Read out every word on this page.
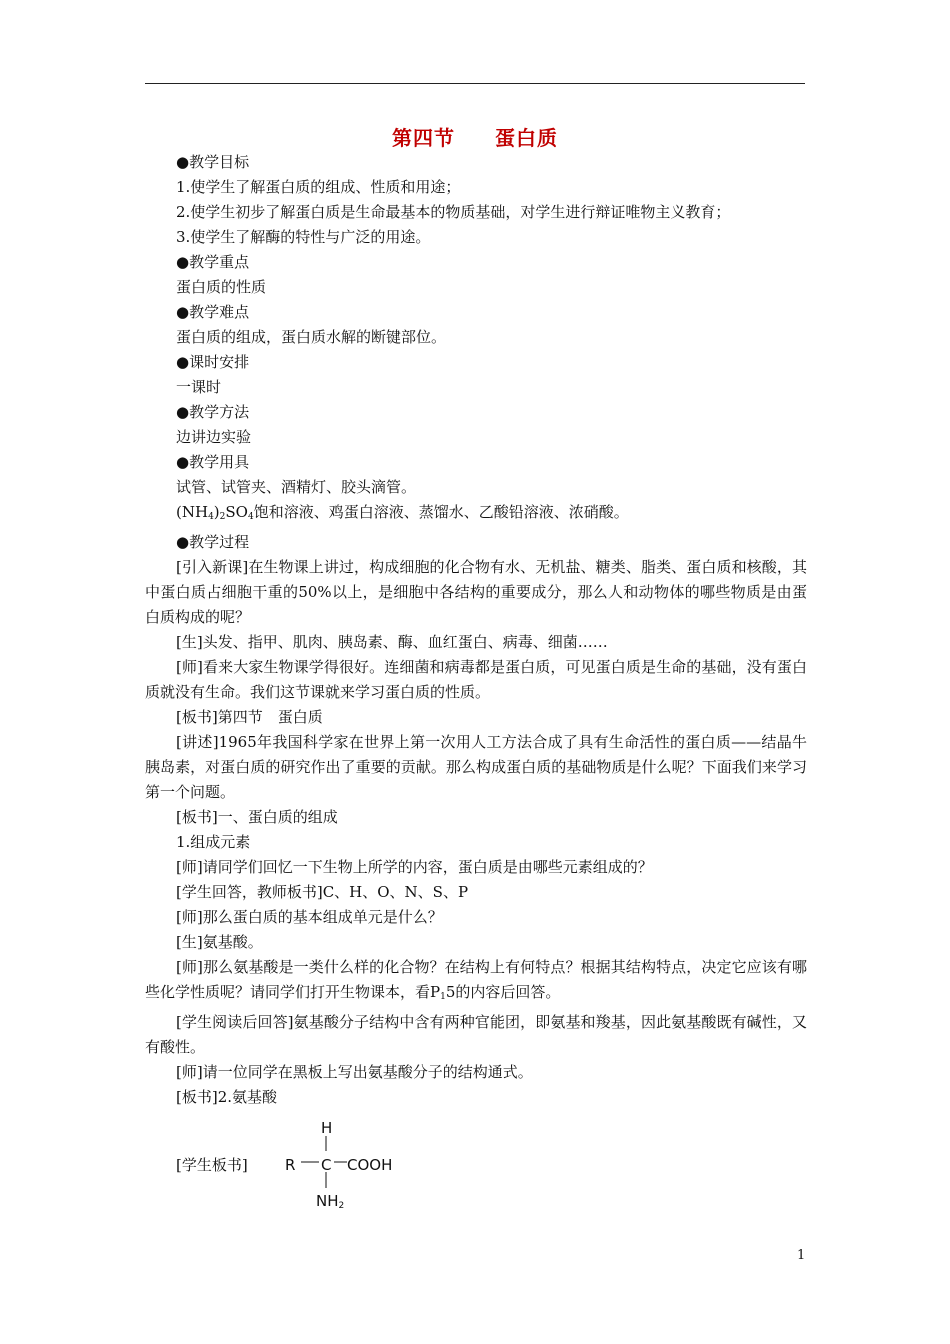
第四节 蛋白质

●教学目标

1.使学生了解蛋白质的组成、性质和用途；

2.使学生初步了解蛋白质是生命最基本的物质基础，对学生进行辩证唯物主义教育；

3.使学生了解酶的特性与广泛的用途。

●教学重点

蛋白质的性质

●教学难点

蛋白质的组成，蛋白质水解的断键部位。

●课时安排

一课时

●教学方法

边讲边实验

●教学用具

试管、试管夹、酒精灯、胶头滴管。

$(NH_4)_2SO_4$饱和溶液、鸡蛋白溶液、蒸馏水、乙酸铅溶液、浓硝酸。

●教学过程

[引入新课]在生物课上讲过，构成细胞的化合物有水、无机盐、糖类、脂类、蛋白质和核酸，其中蛋白质占细胞干重的50%以上，是细胞中各结构的重要成分，那么人和动物体的哪些物质是由蛋白质构成的呢？

[生]头发、指甲、肌肉、胰岛素、酶、血红蛋白、病毒、细菌……

[师]看来大家生物课学得很好。连细菌和病毒都是蛋白质，可见蛋白质是生命的基础，没有蛋白质就没有生命。我们这节课就来学习蛋白质的性质。

[板书]第四节 蛋白质

[讲述]1965年我国科学家在世界上第一次用人工方法合成了具有生命活性的蛋白质——结晶牛胰岛素，对蛋白质的研究作出了重要的贡献。那么构成蛋白质的基础物质是什么呢？下面我们来学习第一个问题。

[板书]一、蛋白质的组成

1.组成元素

[师]请同学们回忆一下生物上所学的内容，蛋白质是由哪些元素组成的？

[学生回答，教师板书]C、H、O、N、S、P

[师]那么蛋白质的基本组成单元是什么？

[生]氨基酸。

[师]那么氨基酸是一类什么样的化合物？在结构上有何特点？根据其结构特点，决定它应该有哪些化学性质呢？请同学们打开生物课本，看$P_15$的内容后回答。

[学生阅读后回答]氨基酸分子结构中含有两种官能团，即氨基和羧基，因此氨基酸既有碱性，又有酸性。

[师]请一位同学在黑板上写出氨基酸分子的结构通式。

[板书]2.氨基酸

[学生板书]
H
R C COOH
$NH_2$
1
